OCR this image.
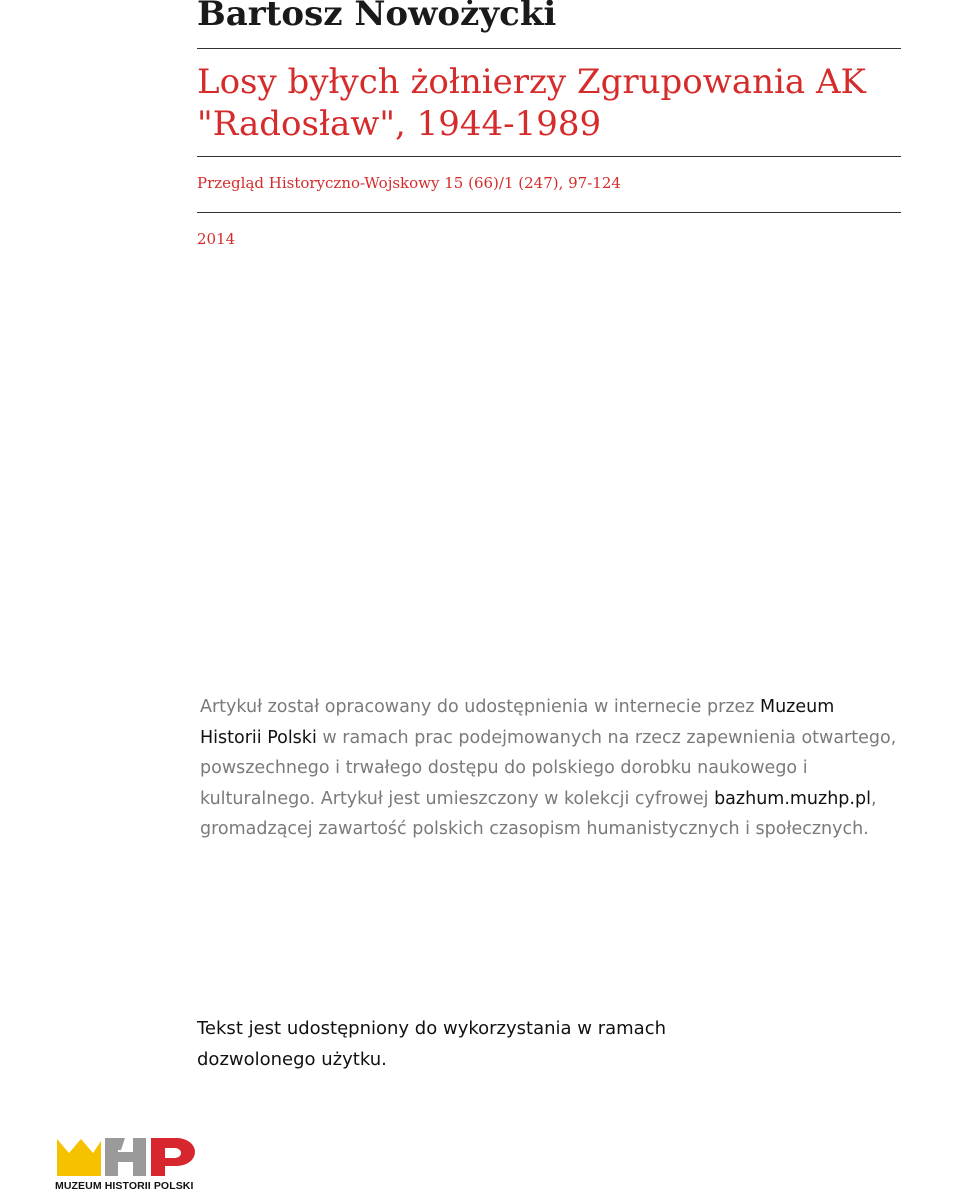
Bartosz Nowożycki
Losy byłych żołnierzy Zgrupowania AK "Radosław", 1944-1989

Przegląd Historyczno-Wojskowy 15 (66)/1 (247), 97-124

2014

Artykuł został opracowany do udostępnienia w internecie przez Muzeum Historii Polski w ramach prac podejmowanych na rzecz zapewnienia otwartego, powszechnego i trwałego dostępu do polskiego dorobku naukowego i kulturalnego. Artykuł jest umieszczony w kolekcji cyfrowej bazhum.muzhp.pl, gromadzącej zawartość polskich czasopism humanistycznych i społecznych.

Tekst jest udostępniony do wykorzystania w ramach dozwolonego użytku.

MUZEUM HISTORII POLSKI
